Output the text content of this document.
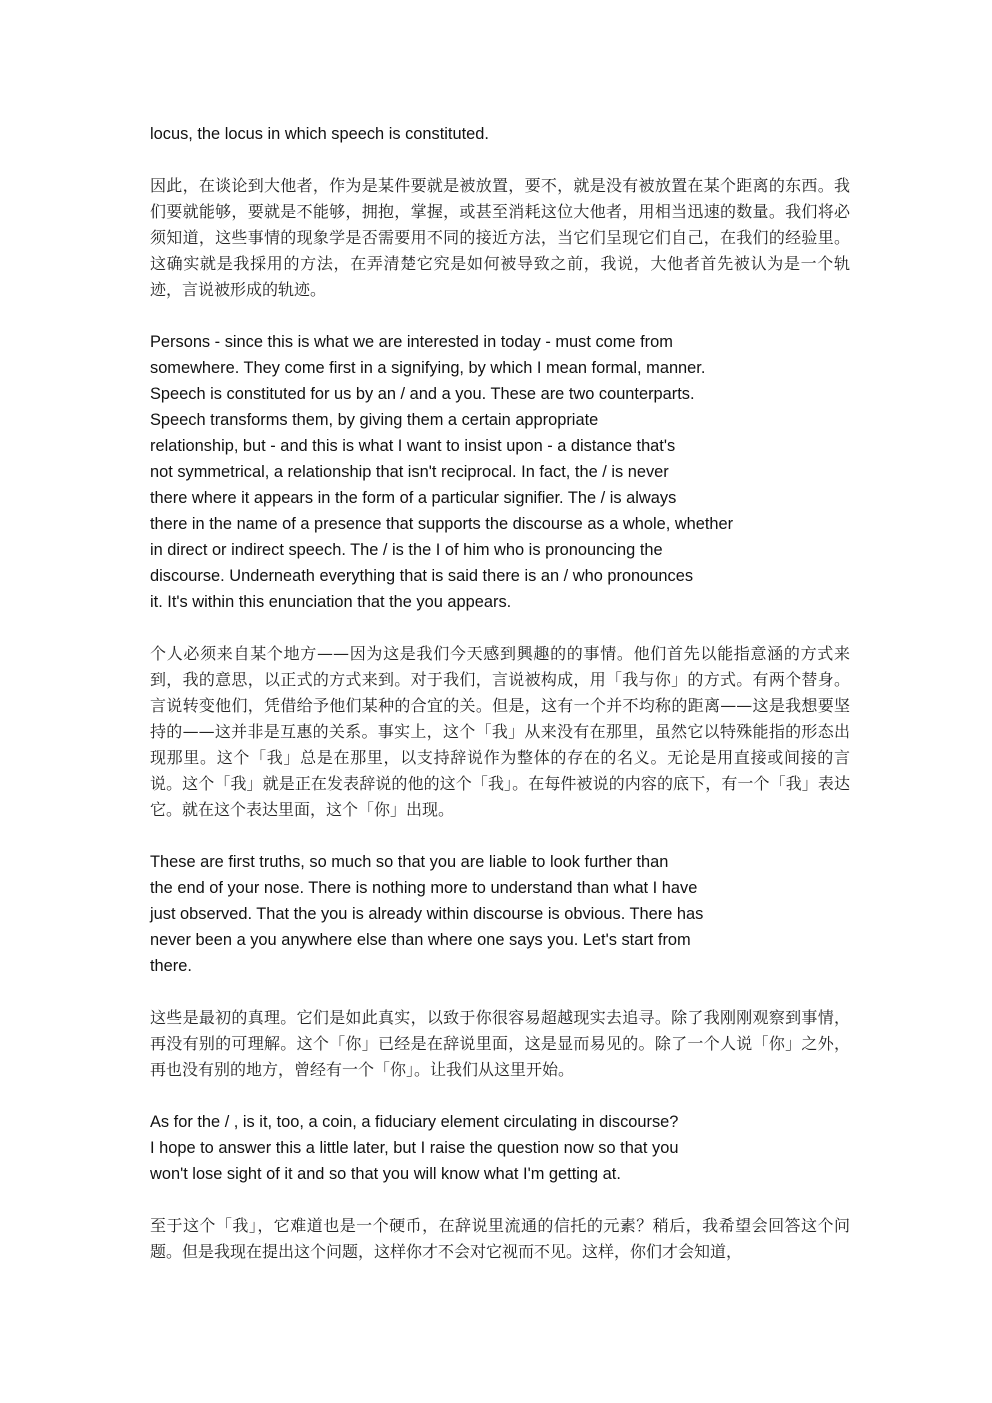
locus, the locus in which speech is constituted.
因此，在谈论到大他者，作为是某件要就是被放置，要不，就是没有被放置在某个距离的东西。我们要就能够，要就是不能够，拥抱，掌握，或甚至消耗这位大他者，用相当迅速的数量。我们将必须知道，这些事情的现象学是否需要用不同的接近方法，当它们呈现它们自己，在我们的经验里。这确实就是我採用的方法，在弄清楚它究是如何被导致之前，我说，大他者首先被认为是一个轨迹，言说被形成的轨迹。
Persons - since this is what we are interested in today - must come from
somewhere. They come first in a signifying, by which I mean formal, manner.
Speech is constituted for us by an / and a you. These are two counterparts.
Speech transforms them, by giving them a certain appropriate
relationship, but - and this is what I want to insist upon - a distance that's
not symmetrical, a relationship that isn't reciprocal. In fact, the / is never
there where it appears in the form of a particular signifier. The / is always
there in the name of a presence that supports the discourse as a whole, whether
in direct or indirect speech. The / is the I of him who is pronouncing the
discourse. Underneath everything that is said there is an / who pronounces
it. It's within this enunciation that the you appears.
个人必须来自某个地方——因为这是我们今天感到興趣的的事情。他们首先以能指意涵的方式来到，我的意思，以正式的方式来到。对于我们，言说被构成，用「我与你」的方式。有两个替身。言说转变他们，凭借给予他们某种的合宜的关。但是，这有一个并不均称的距离——这是我想要坚持的——这并非是互惠的关系。事实上，这个「我」从来没有在那里，虽然它以特殊能指的形态出现那里。这个「我」总是在那里，以支持辞说作为整体的存在的名义。无论是用直接或间接的言说。这个「我」就是正在发表辞说的他的这个「我」。在每件被说的内容的底下，有一个「我」表达它。就在这个表达里面，这个「你」出现。
These are first truths, so much so that you are liable to look further than
the end of your nose. There is nothing more to understand than what I have
just observed. That the you is already within discourse is obvious. There has
never been a you anywhere else than where one says you. Let's start from
there.
这些是最初的真理。它们是如此真实，以致于你很容易超越现实去追寻。除了我刚刚观察到事情，再没有别的可理解。这个「你」已经是在辞说里面，这是显而易见的。除了一个人说「你」之外，再也没有别的地方，曾经有一个「你」。让我们从这里开始。
As for the / , is it, too, a coin, a fiduciary element circulating in discourse?
I hope to answer this a little later, but I raise the question now so that you
won't lose sight of it and so that you will know what I'm getting at.
至于这个「我」，它难道也是一个硬币，在辞说里流通的信托的元素？稍后，我希望会回答这个问题。但是我现在提出这个问题，这样你才不会对它视而不见。这样，你们才会知道，
